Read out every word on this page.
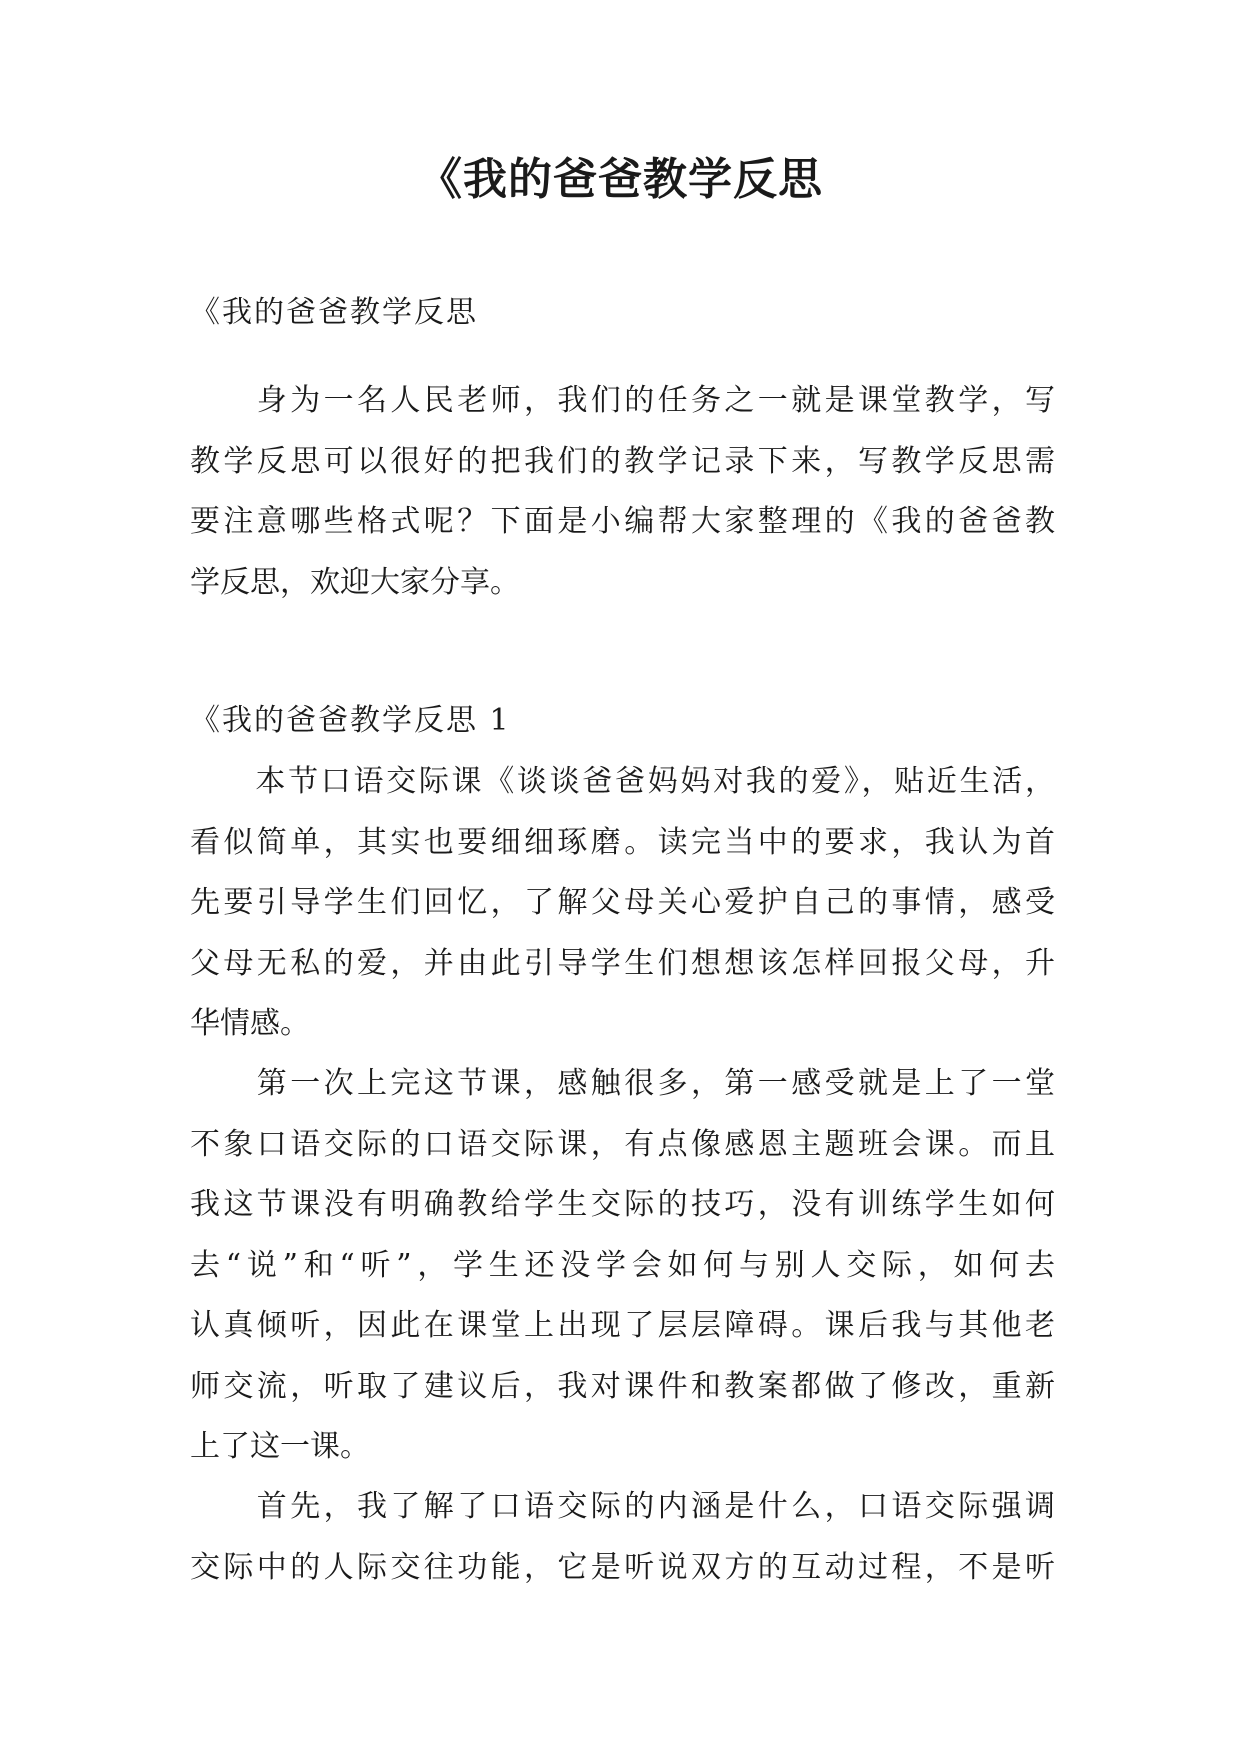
《我的爸爸教学反思

《我的爸爸教学反思

　　身为一名人民老师，我们的任务之一就是课堂教学，写
教学反思可以很好的把我们的教学记录下来，写教学反思需
要注意哪些格式呢？下面是小编帮大家整理的《我的爸爸教
学反思，欢迎大家分享。

《我的爸爸教学反思 1

　　本节口语交际课《谈谈爸爸妈妈对我的爱》，贴近生活，
看似简单，其实也要细细琢磨。读完当中的要求，我认为首
先要引导学生们回忆，了解父母关心爱护自己的事情，感受
父母无私的爱，并由此引导学生们想想该怎样回报父母，升
华情感。
　　第一次上完这节课，感触很多，第一感受就是上了一堂
不象口语交际的口语交际课，有点像感恩主题班会课。而且
我这节课没有明确教给学生交际的技巧，没有训练学生如何
去“说”和“听”，学生还没学会如何与别人交际，如何去
认真倾听，因此在课堂上出现了层层障碍。课后我与其他老
师交流，听取了建议后，我对课件和教案都做了修改，重新
上了这一课。
　　首先，我了解了口语交际的内涵是什么，口语交际强调
交际中的人际交往功能，它是听说双方的互动过程，不是听
